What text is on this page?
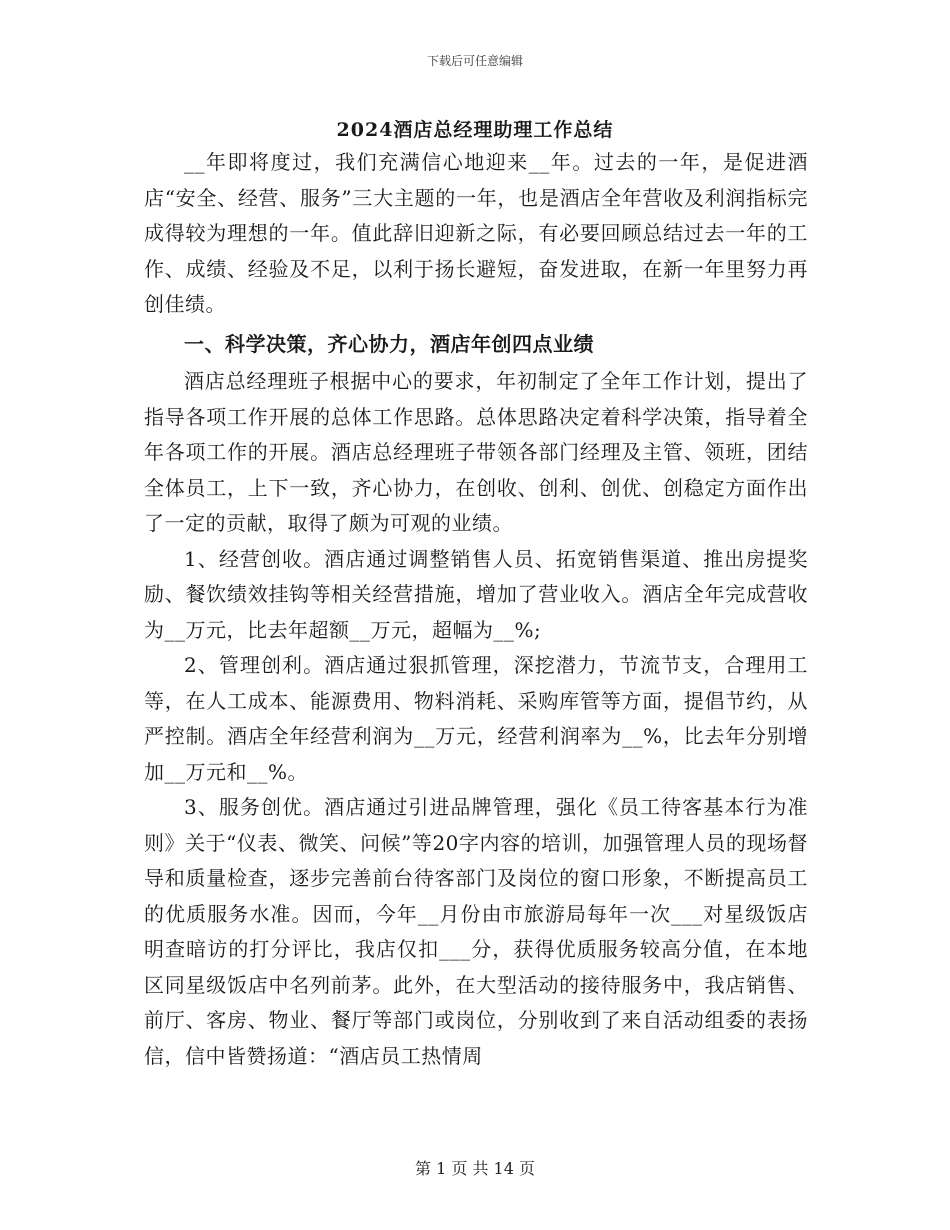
下载后可任意编辑
2024酒店总经理助理工作总结

__年即将度过，我们充满信心地迎来__年。过去的一年，是促进酒店“安全、经营、服务”三大主题的一年，也是酒店全年营收及利润指标完成得较为理想的一年。值此辞旧迎新之际，有必要回顾总结过去一年的工作、成绩、经验及不足，以利于扬长避短，奋发进取，在新一年里努力再创佳绩。

一、科学决策，齐心协力，酒店年创四点业绩

酒店总经理班子根据中心的要求，年初制定了全年工作计划，提出了指导各项工作开展的总体工作思路。总体思路决定着科学决策，指导着全年各项工作的开展。酒店总经理班子带领各部门经理及主管、领班，团结全体员工，上下一致，齐心协力，在创收、创利、创优、创稳定方面作出了一定的贡献，取得了颇为可观的业绩。

1、经营创收。酒店通过调整销售人员、拓宽销售渠道、推出房提奖励、餐饮绩效挂钩等相关经营措施，增加了营业收入。酒店全年完成营收为__万元，比去年超额__万元，超幅为__%;

2、管理创利。酒店通过狠抓管理，深挖潜力，节流节支，合理用工等，在人工成本、能源费用、物料消耗、采购库管等方面，提倡节约，从严控制。酒店全年经营利润为__万元，经营利润率为__%，比去年分别增加__万元和__%。

3、服务创优。酒店通过引进品牌管理，强化《员工待客基本行为准则》关于“仪表、微笑、问候”等20字内容的培训，加强管理人员的现场督导和质量检查，逐步完善前台待客部门及岗位的窗口形象，不断提高员工的优质服务水准。因而，今年__月份由市旅游局每年一次___对星级饭店明查暗访的打分评比，我店仅扣___分，获得优质服务较高分值，在本地区同星级饭店中名列前茅。此外，在大型活动的接待服务中，我店销售、前厅、客房、物业、餐厅等部门或岗位，分别收到了来自活动组委的表扬信，信中皆赞扬道：“酒店员工热情周

第 1 页 共 14 页
